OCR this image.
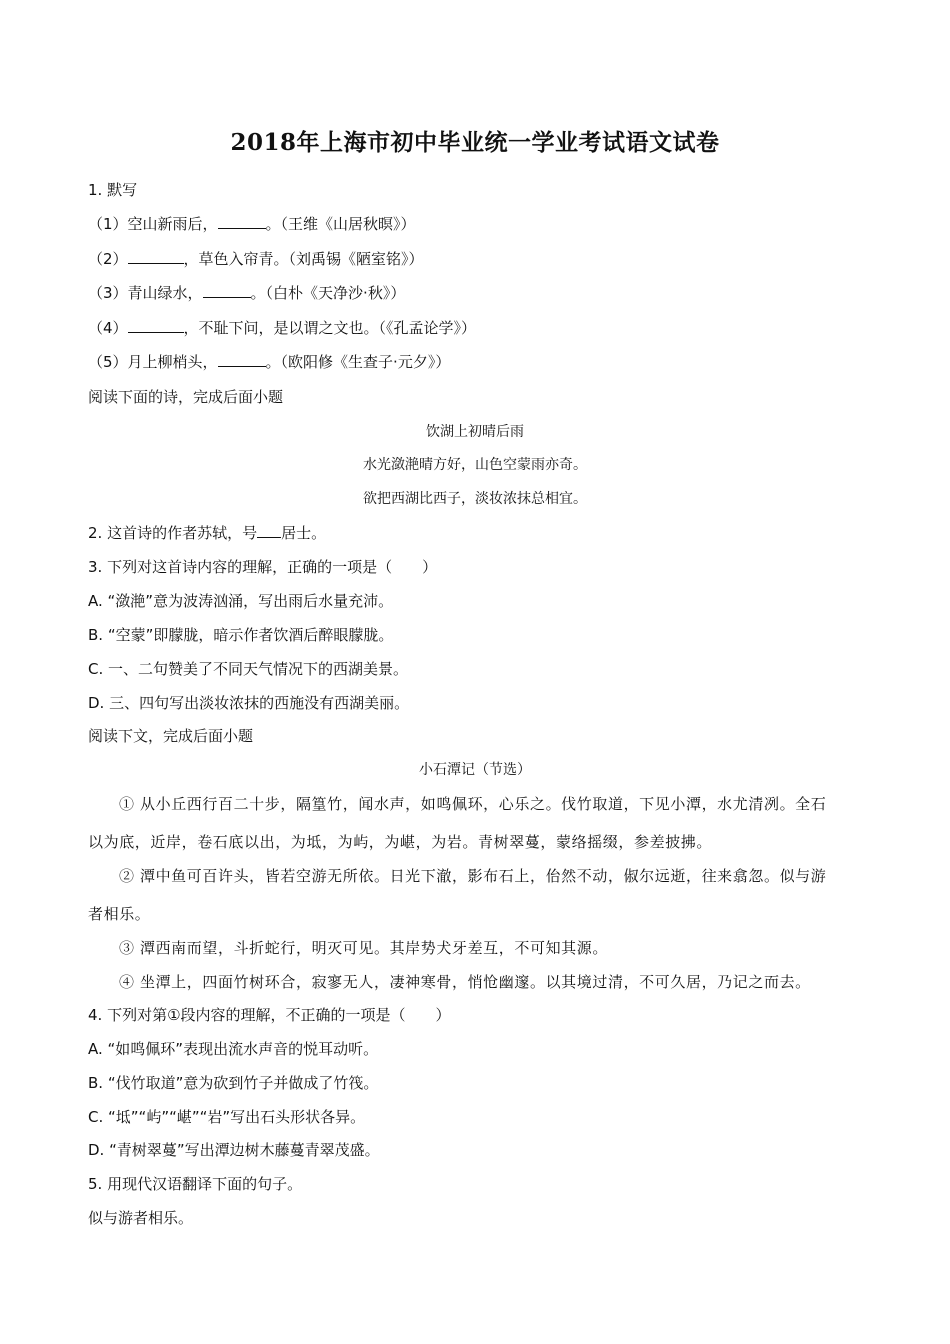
2018年上海市初中毕业统一学业考试语文试卷
1. 默写
（1）空山新雨后，	。（王维《山居秋暝》）
（2）	，草色入帘青。（刘禹锡《陋室铭》）
（3）青山绿水，	。（白朴《天净沙·秋》）
（4）	，不耻下问，是以谓之文也。（《孔孟论学》）
（5）月上柳梢头，	。（欧阳修《生查子·元夕》）
阅读下面的诗，完成后面小题
饮湖上初晴后雨
水光潋滟晴方好，山色空蒙雨亦奇。
欲把西湖比西子，淡妆浓抹总相宜。
2. 这首诗的作者苏轼，号 居士。
3. 下列对这首诗内容的理解，正确的一项是（　　）
A. “潋滟”意为波涛汹涌，写出雨后水量充沛。
B. “空蒙”即朦胧，暗示作者饮酒后醉眼朦胧。
C. 一、二句赞美了不同天气情况下的西湖美景。
D. 三、四句写出淡妆浓抹的西施没有西湖美丽。
阅读下文，完成后面小题
小石潭记（节选）
① 从小丘西行百二十步，隔篁竹，闻水声，如鸣佩环，心乐之。伐竹取道，下见小潭，水尤清冽。全石
以为底，近岸，卷石底以出，为坻，为屿，为嵁，为岩。青树翠蔓，蒙络摇缀，参差披拂。
② 潭中鱼可百许头，皆若空游无所依。日光下澈，影布石上，佁然不动，俶尔远逝，往来翕忽。似与游
者相乐。
③ 潭西南而望，斗折蛇行，明灭可见。其岸势犬牙差互，不可知其源。
④ 坐潭上，四面竹树环合，寂寥无人，凄神寒骨，悄怆幽邃。以其境过清，不可久居，乃记之而去。
4. 下列对第①段内容的理解，不正确的一项是（　　）
A. “如鸣佩环”表现出流水声音的悦耳动听。
B. “伐竹取道”意为砍到竹子并做成了竹筏。
C. “坻”“屿”“嵁”“岩”写出石头形状各异。
D. “青树翠蔓”写出潭边树木藤蔓青翠茂盛。
5. 用现代汉语翻译下面的句子。
似与游者相乐。
